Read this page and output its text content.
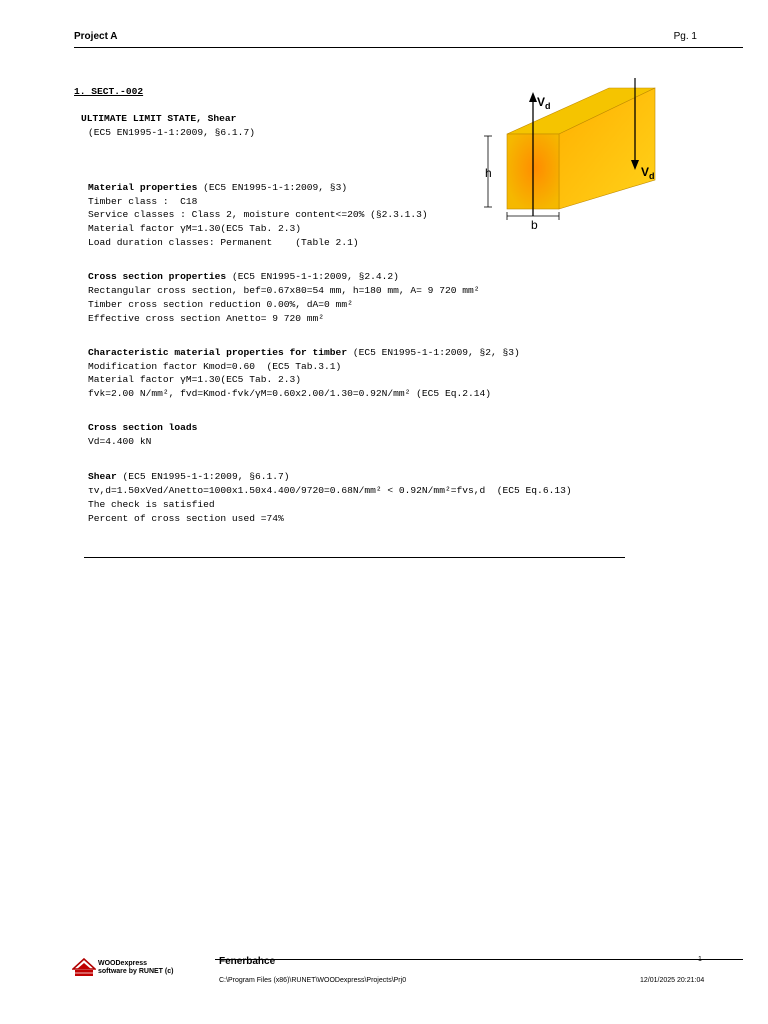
Project A	Pg. 1
1. SECT.-002
ULTIMATE LIMIT STATE, Shear
(EC5 EN1995-1-1:2009, §6.1.7)
Material properties (EC5 EN1995-1-1:2009, §3)
Timber class :  C18
Service classes : Class 2, moisture content<=20% (§2.3.1.3)
Material factor γM=1.30(EC5 Tab. 2.3)
Load duration classes: Permanent    (Table 2.1)
Cross section properties (EC5 EN1995-1-1:2009, §2.4.2)
Rectangular cross section, bef=0.67x80=54 mm, h=180 mm, A= 9 720 mm²
Timber cross section reduction 0.00%, dA=0 mm²
Effective cross section Anetto= 9 720 mm²
Characteristic material properties for timber (EC5 EN1995-1-1:2009, §2, §3)
Modification factor Kmod=0.60  (EC5 Tab.3.1)
Material factor γM=1.30(EC5 Tab. 2.3)
fvk=2.00 N/mm², fvd=Kmod·fvk/γM=0.60x2.00/1.30=0.92N/mm² (EC5 Eq.2.14)
Cross section loads
Vd=4.400 kN
Shear (EC5 EN1995-1-1:2009, §6.1.7)
τv,d=1.50xVed/Anetto=1000x1.50x4.400/9720=0.68N/mm² < 0.92N/mm²=fvs,d  (EC5 Eq.6.13)
The check is satisfied
Percent of cross section used =74%
$V_d$
$V_d$
h
b
WOODexpress
software by RUNET (c)
Fenerbahce	1
C:\Program Files (x86)\RUNET\WOODexpress\Projects\Prj0	12/01/2025 20:21:04
